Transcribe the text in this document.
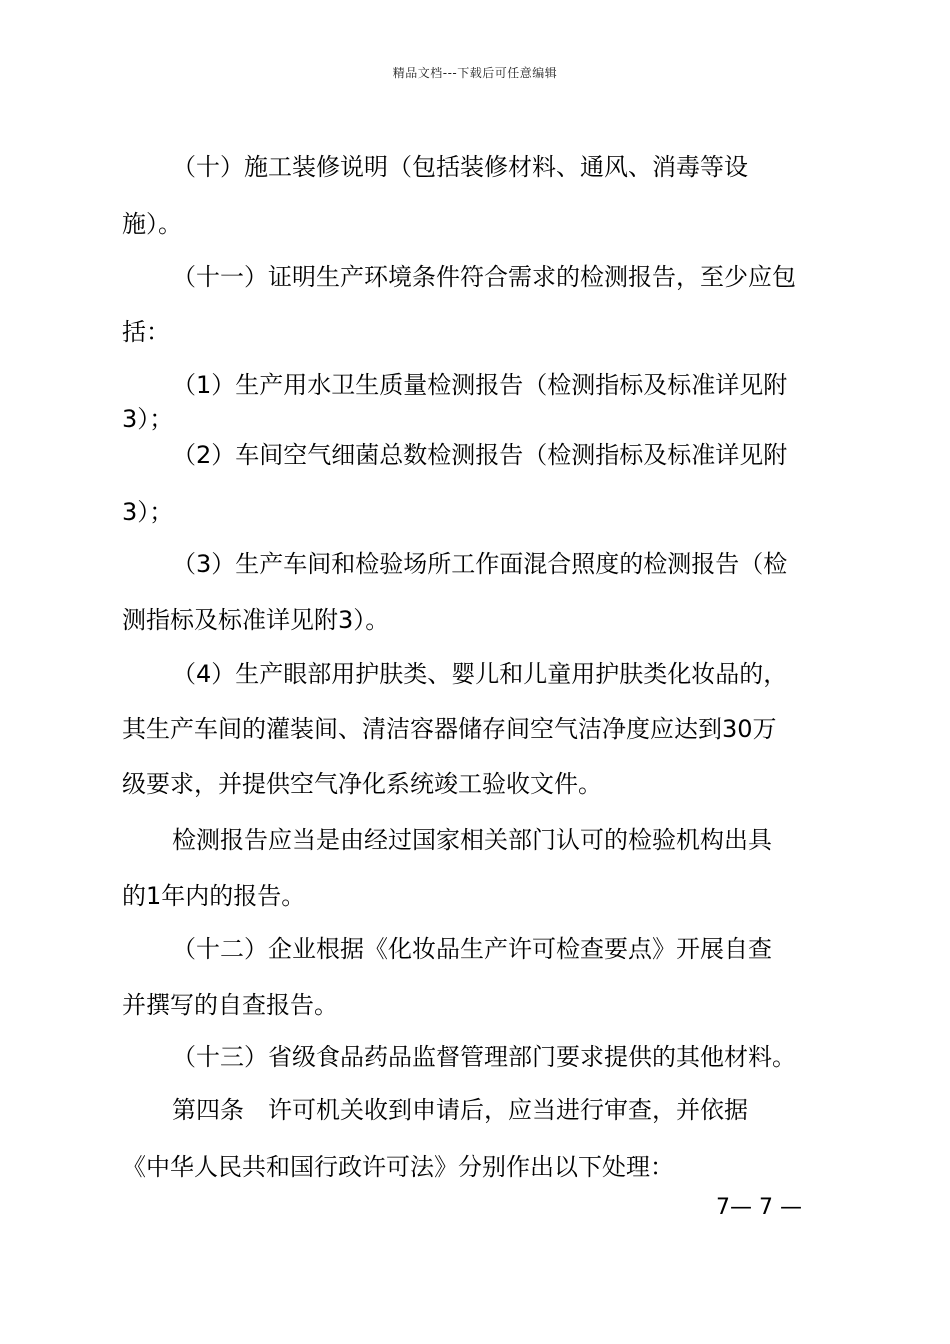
精品文档---下载后可任意编辑
（十）施工装修说明（包括装修材料、通风、消毒等设
施）。
（十一）证明生产环境条件符合需求的检测报告，至少应包
括：
（1）生产用水卫生质量检测报告（检测指标及标准详见附
3）；
（2）车间空气细菌总数检测报告（检测指标及标准详见附
3）；
（3）生产车间和检验场所工作面混合照度的检测报告（检
测指标及标准详见附3）。
（4）生产眼部用护肤类、婴儿和儿童用护肤类化妆品的，
其生产车间的灌装间、清洁容器储存间空气洁净度应达到30万
级要求，并提供空气净化系统竣工验收文件。
检测报告应当是由经过国家相关部门认可的检验机构出具
的1年内的报告。
（十二）企业根据《化妆品生产许可检查要点》开展自查
并撰写的自查报告。
（十三）省级食品药品监督管理部门要求提供的其他材料。
第四条　许可机关收到申请后，应当进行审查，并依据
《中华人民共和国行政许可法》分别作出以下处理：
7— 7 —
